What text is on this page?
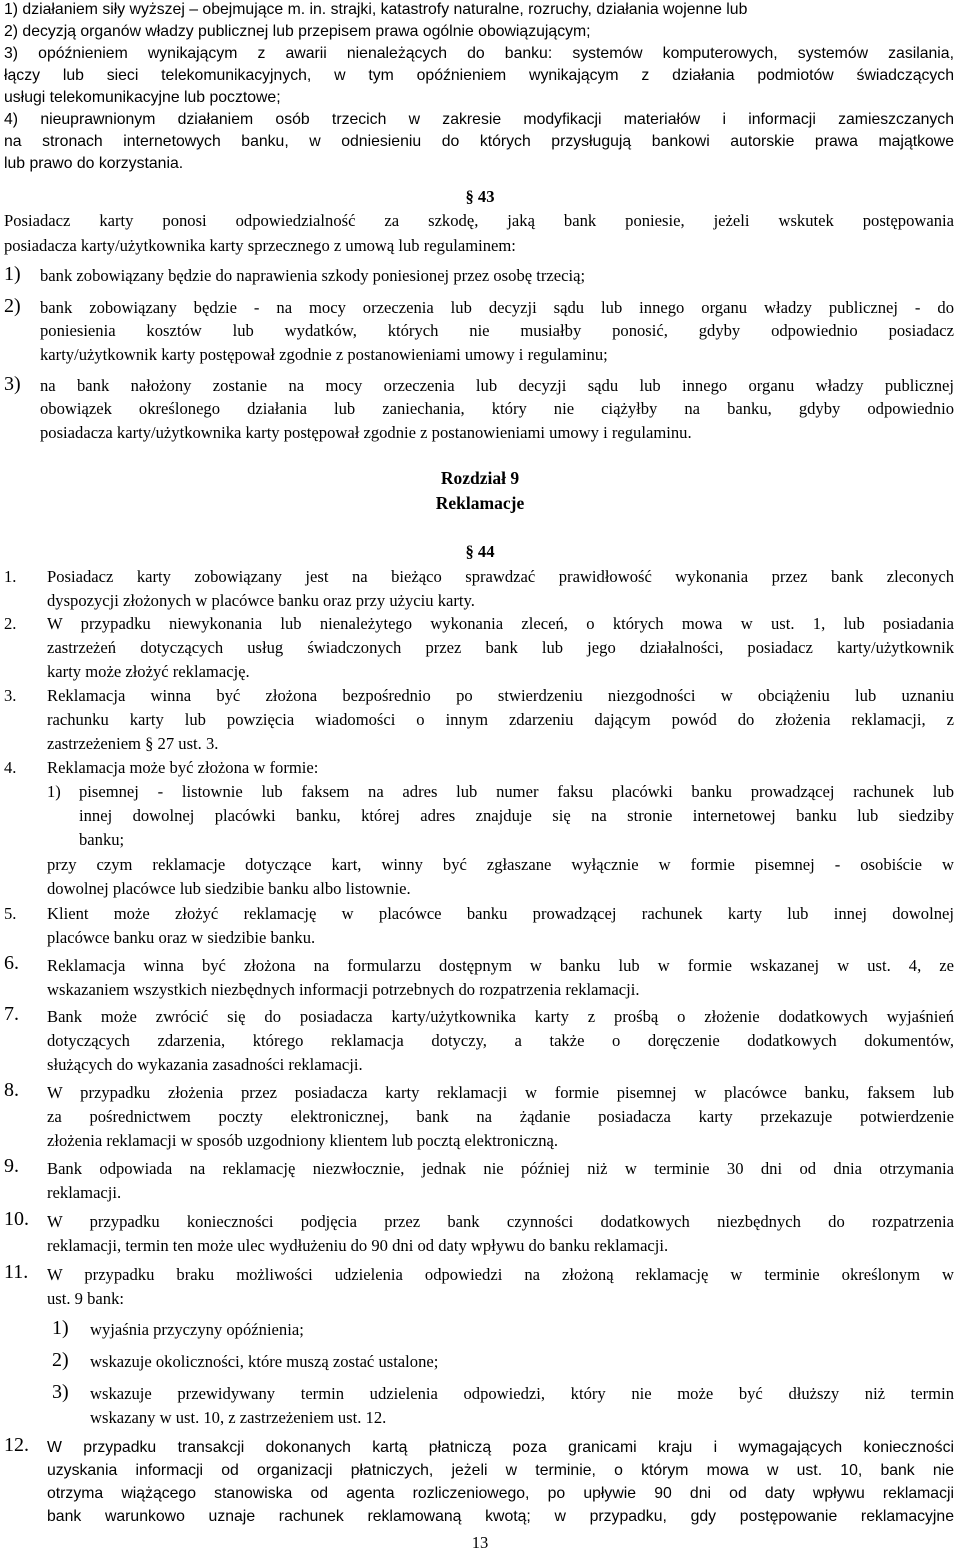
1) działaniem siły wyższej – obejmujące m. in. strajki, katastrofy naturalne, rozruchy, działania wojenne lub
2) decyzją organów władzy publicznej lub przepisem prawa ogólnie obowiązującym;
3) opóźnieniem wynikającym z awarii nienależących do banku: systemów komputerowych, systemów zasilania,
łączy lub sieci telekomunikacyjnych, w tym opóźnieniem wynikającym z działania podmiotów świadczących
usługi telekomunikacyjne lub pocztowe;
4) nieuprawnionym działaniem osób trzecich w zakresie modyfikacji materiałów i informacji zamieszczanych
na stronach internetowych banku, w odniesieniu do których przysługują bankowi autorskie prawa majątkowe
lub prawo do korzystania.
§ 43
Posiadacz karty ponosi odpowiedzialność za szkodę, jaką bank poniesie, jeżeli wskutek postępowania
posiadacza karty/użytkownika karty sprzecznego z umową lub regulaminem:
1) bank zobowiązany będzie do naprawienia szkody poniesionej przez osobę trzecią;
2) bank zobowiązany będzie - na mocy orzeczenia lub decyzji sądu lub innego organu władzy publicznej - do
poniesienia kosztów lub wydatków, których nie musiałby ponosić, gdyby odpowiednio posiadacz
karty/użytkownik karty postępował zgodnie z postanowieniami umowy i regulaminu;
3) na bank nałożony zostanie na mocy orzeczenia lub decyzji sądu lub innego organu władzy publicznej
obowiązek określonego działania lub zaniechania, który nie ciążyłby na banku, gdyby odpowiednio
posiadacza karty/użytkownika karty postępował zgodnie z postanowieniami umowy i regulaminu.
Rozdział 9
Reklamacje
§ 44
1. Posiadacz karty zobowiązany jest na bieżąco sprawdzać prawidłowość wykonania przez bank zleconych
dyspozycji złożonych w placówce banku oraz przy użyciu karty.
2. W przypadku niewykonania lub nienależytego wykonania zleceń, o których mowa w ust. 1, lub posiadania
zastrzeżeń dotyczących usług świadczonych przez bank lub jego działalności, posiadacz karty/użytkownik
karty może złożyć reklamację.
3. Reklamacja winna być złożona bezpośrednio po stwierdzeniu niezgodności w obciążeniu lub uznaniu
rachunku karty lub powzięcia wiadomości o innym zdarzeniu dającym powód do złożenia reklamacji, z
zastrzeżeniem § 27 ust. 3.
4. Reklamacja może być złożona w formie:
1) pisemnej - listownie lub faksem na adres lub numer faksu placówki banku prowadzącej rachunek lub
innej dowolnej placówki banku, której adres znajduje się na stronie internetowej banku lub siedziby
banku;
przy czym reklamacje dotyczące kart, winny być zgłaszane wyłącznie w formie pisemnej - osobiście w
dowolnej placówce lub siedzibie banku albo listownie.
5. Klient może złożyć reklamację w placówce banku prowadzącej rachunek karty lub innej dowolnej
placówce banku oraz w siedzibie banku.
6. Reklamacja winna być złożona na formularzu dostępnym w banku lub w formie wskazanej w ust. 4, ze
wskazaniem wszystkich niezbędnych informacji potrzebnych do rozpatrzenia reklamacji.
7. Bank może zwrócić się do posiadacza karty/użytkownika karty z prośbą o złożenie dodatkowych wyjaśnień
dotyczących zdarzenia, którego reklamacja dotyczy, a także o doręczenie dodatkowych dokumentów,
służących do wykazania zasadności reklamacji.
8. W przypadku złożenia przez posiadacza karty reklamacji w formie pisemnej w placówce banku, faksem lub
za pośrednictwem poczty elektronicznej, bank na żądanie posiadacza karty przekazuje potwierdzenie
złożenia reklamacji w sposób uzgodniony klientem lub pocztą elektroniczną.
9. Bank odpowiada na reklamację niezwłocznie, jednak nie później niż w terminie 30 dni od dnia otrzymania
reklamacji.
10. W przypadku konieczności podjęcia przez bank czynności dodatkowych niezbędnych do rozpatrzenia
reklamacji, termin ten może ulec wydłużeniu do 90 dni od daty wpływu do banku reklamacji.
11. W przypadku braku możliwości udzielenia odpowiedzi na złożoną reklamację w terminie określonym w
ust. 9 bank:
1) wyjaśnia przyczyny opóźnienia;
2) wskazuje okoliczności, które muszą zostać ustalone;
3) wskazuje przewidywany termin udzielenia odpowiedzi, który nie może być dłuższy niż termin
wskazany w ust. 10, z zastrzeżeniem ust. 12.
12. W przypadku transakcji dokonanych kartą płatniczą poza granicami kraju i wymagających konieczności
uzyskania informacji od organizacji płatniczych, jeżeli w terminie, o którym mowa w ust. 10, bank nie
otrzyma wiążącego stanowiska od agenta rozliczeniowego, po upływie 90 dni od daty wpływu reklamacji
bank warunkowo uznaje rachunek reklamowaną kwotą; w przypadku, gdy postępowanie reklamacyjne
13
